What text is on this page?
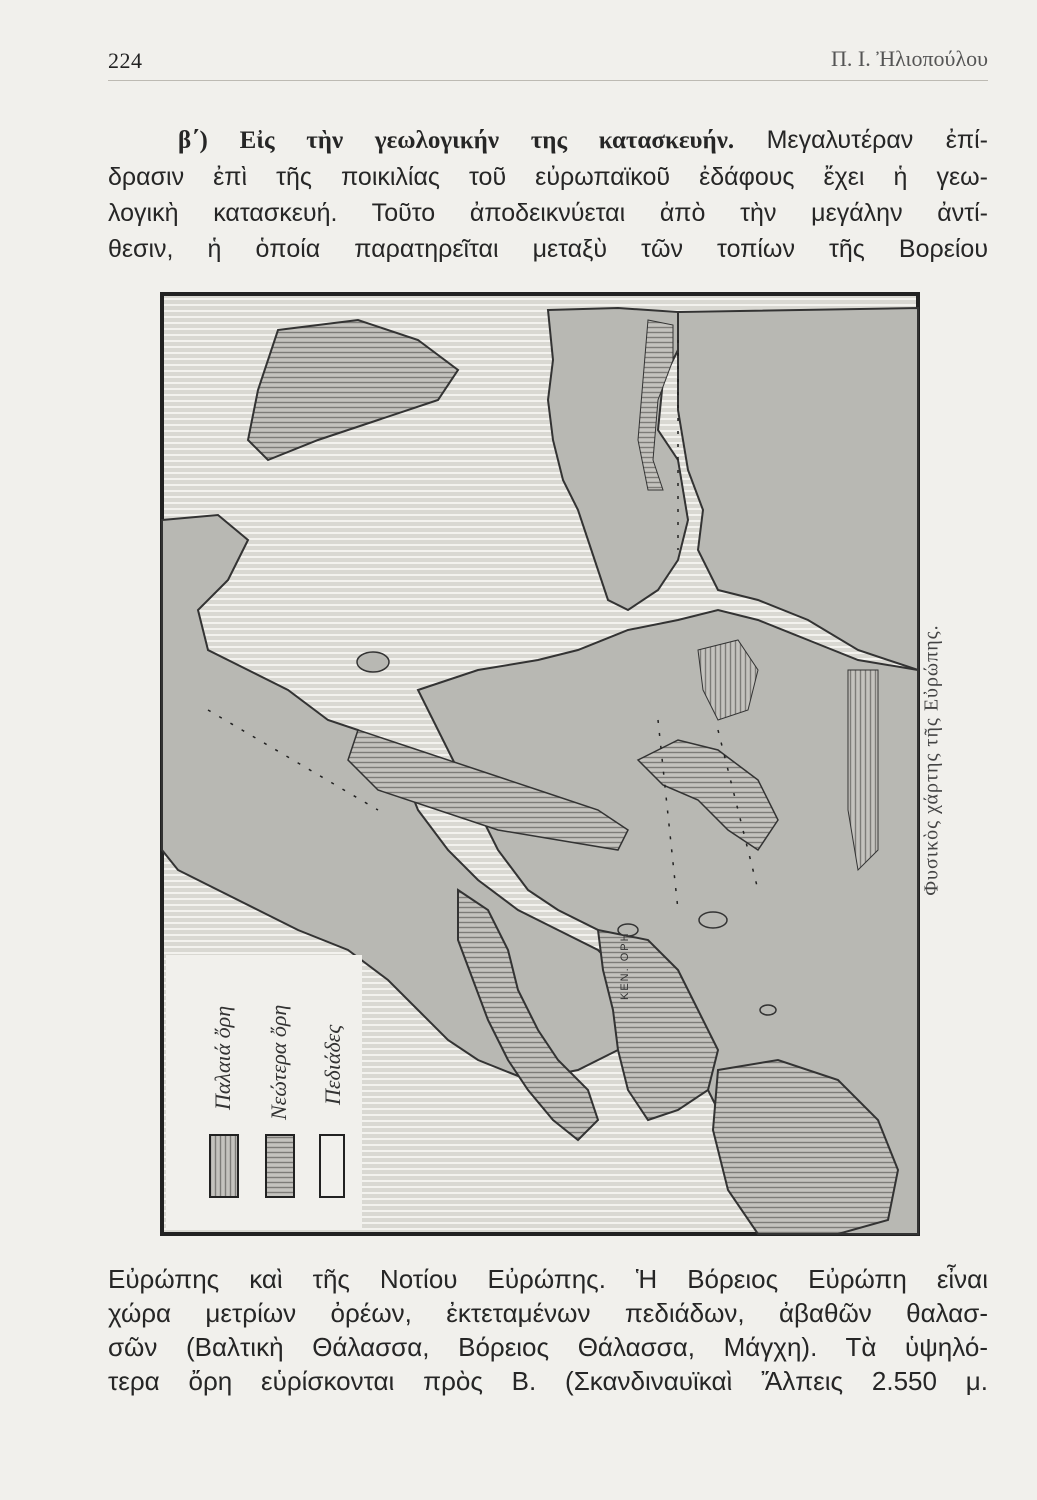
224	Π. Ι. Ἠλιοπούλου

β΄) Εἰς τὴν γεωλογικήν της κατασκευήν. Μεγαλυτέραν ἐπί-
δρασιν ἐπὶ τῆς ποικιλίας τοῦ εὐρωπαϊκοῦ ἐδάφους ἔχει ἡ γεω-
λογικὴ κατασκευή. Τοῦτο ἀποδεικνύεται ἀπὸ τὴν μεγάλην ἀντί-
θεσιν, ἡ ὁποία παρατηρεῖται μεταξὺ τῶν τοπίων τῆς Βορείου

ΚΕΝ. ΟΡΗ
Παλαιά ὄρη Νεώτερα ὄρη Πεδιάδες
Φυσικὸς χάρτης τῆς Εὐρώπης.

Εὐρώπης καὶ τῆς Νοτίου Εὐρώπης. Ἡ Βόρειος Εὐρώπη εἶναι
χώρα μετρίων ὀρέων, ἐκτεταμένων πεδιάδων, ἀβαθῶν θαλασ-
σῶν (Βαλτικὴ Θάλασσα, Βόρειος Θάλασσα, Μάγχη). Τὰ ὑψηλό-
τερα ὄρη εὑρίσκονται πρὸς Β. (Σκανδιναυϊκαὶ Ἄλπεις 2.550 μ.
